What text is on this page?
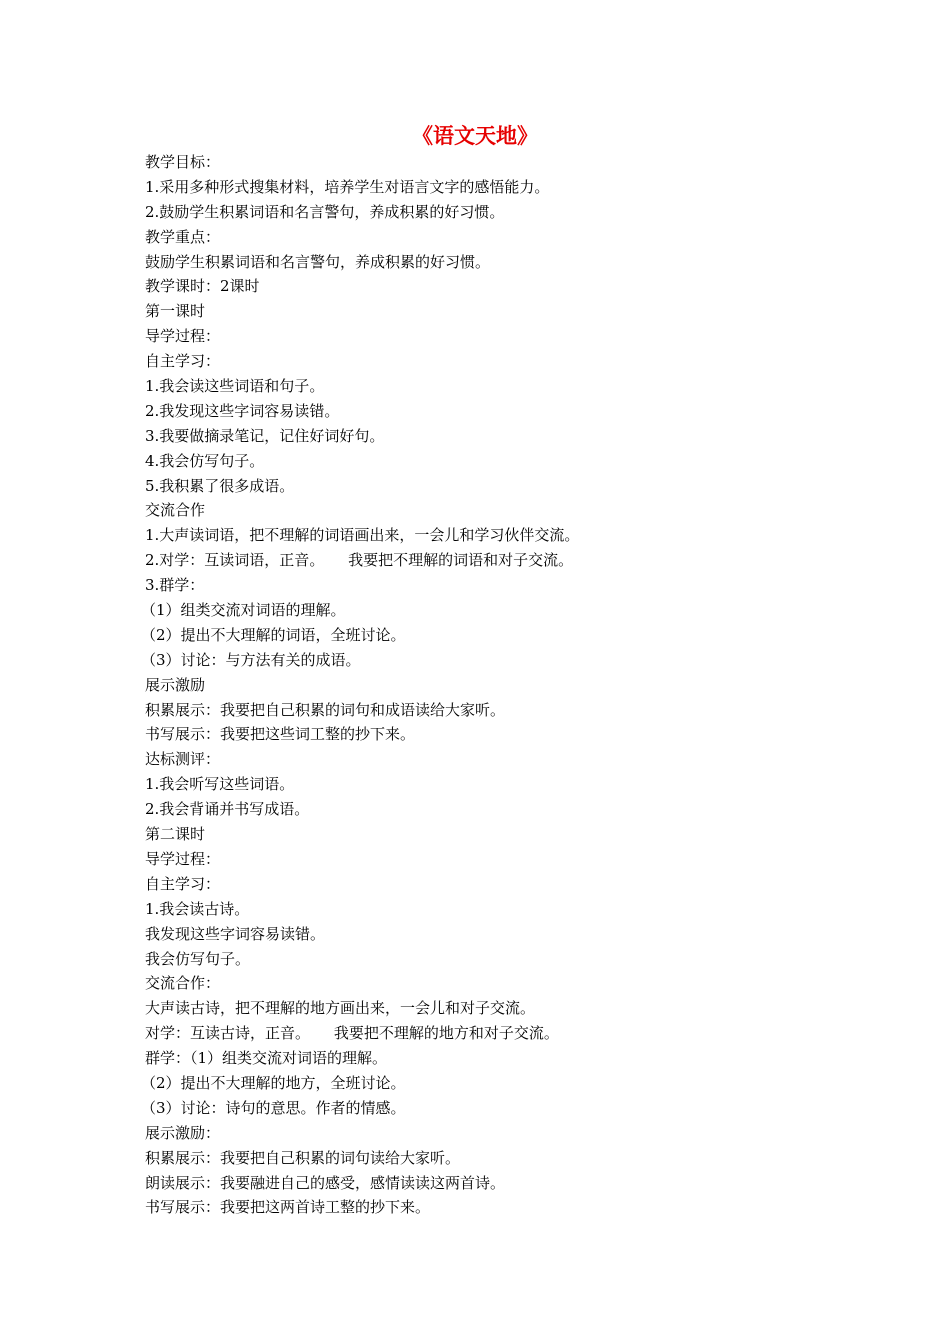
《语文天地》
教学目标：
1.采用多种形式搜集材料，培养学生对语言文字的感悟能力。
2.鼓励学生积累词语和名言警句，养成积累的好习惯。
教学重点：
鼓励学生积累词语和名言警句，养成积累的好习惯。
教学课时：2课时
第一课时
导学过程：
自主学习：
1.我会读这些词语和句子。
2.我发现这些字词容易读错。
3.我要做摘录笔记，记住好词好句。
4.我会仿写句子。
5.我积累了很多成语。
交流合作
1.大声读词语，把不理解的词语画出来，一会儿和学习伙伴交流。
2.对学：互读词语，正音。     我要把不理解的词语和对子交流。
3.群学：
（1）组类交流对词语的理解。
（2）提出不大理解的词语，全班讨论。
（3）讨论：与方法有关的成语。
展示激励
积累展示：我要把自己积累的词句和成语读给大家听。
书写展示：我要把这些词工整的抄下来。
达标测评：
1.我会听写这些词语。
2.我会背诵并书写成语。
第二课时
导学过程：
自主学习：
1.我会读古诗。
我发现这些字词容易读错。
我会仿写句子。
交流合作：
大声读古诗，把不理解的地方画出来，一会儿和对子交流。
对学：互读古诗，正音。     我要把不理解的地方和对子交流。
群学：（1）组类交流对词语的理解。
（2）提出不大理解的地方，全班讨论。
（3）讨论：诗句的意思。作者的情感。
展示激励：
积累展示：我要把自己积累的词句读给大家听。
朗读展示：我要融进自己的感受，感情读读这两首诗。
书写展示：我要把这两首诗工整的抄下来。
